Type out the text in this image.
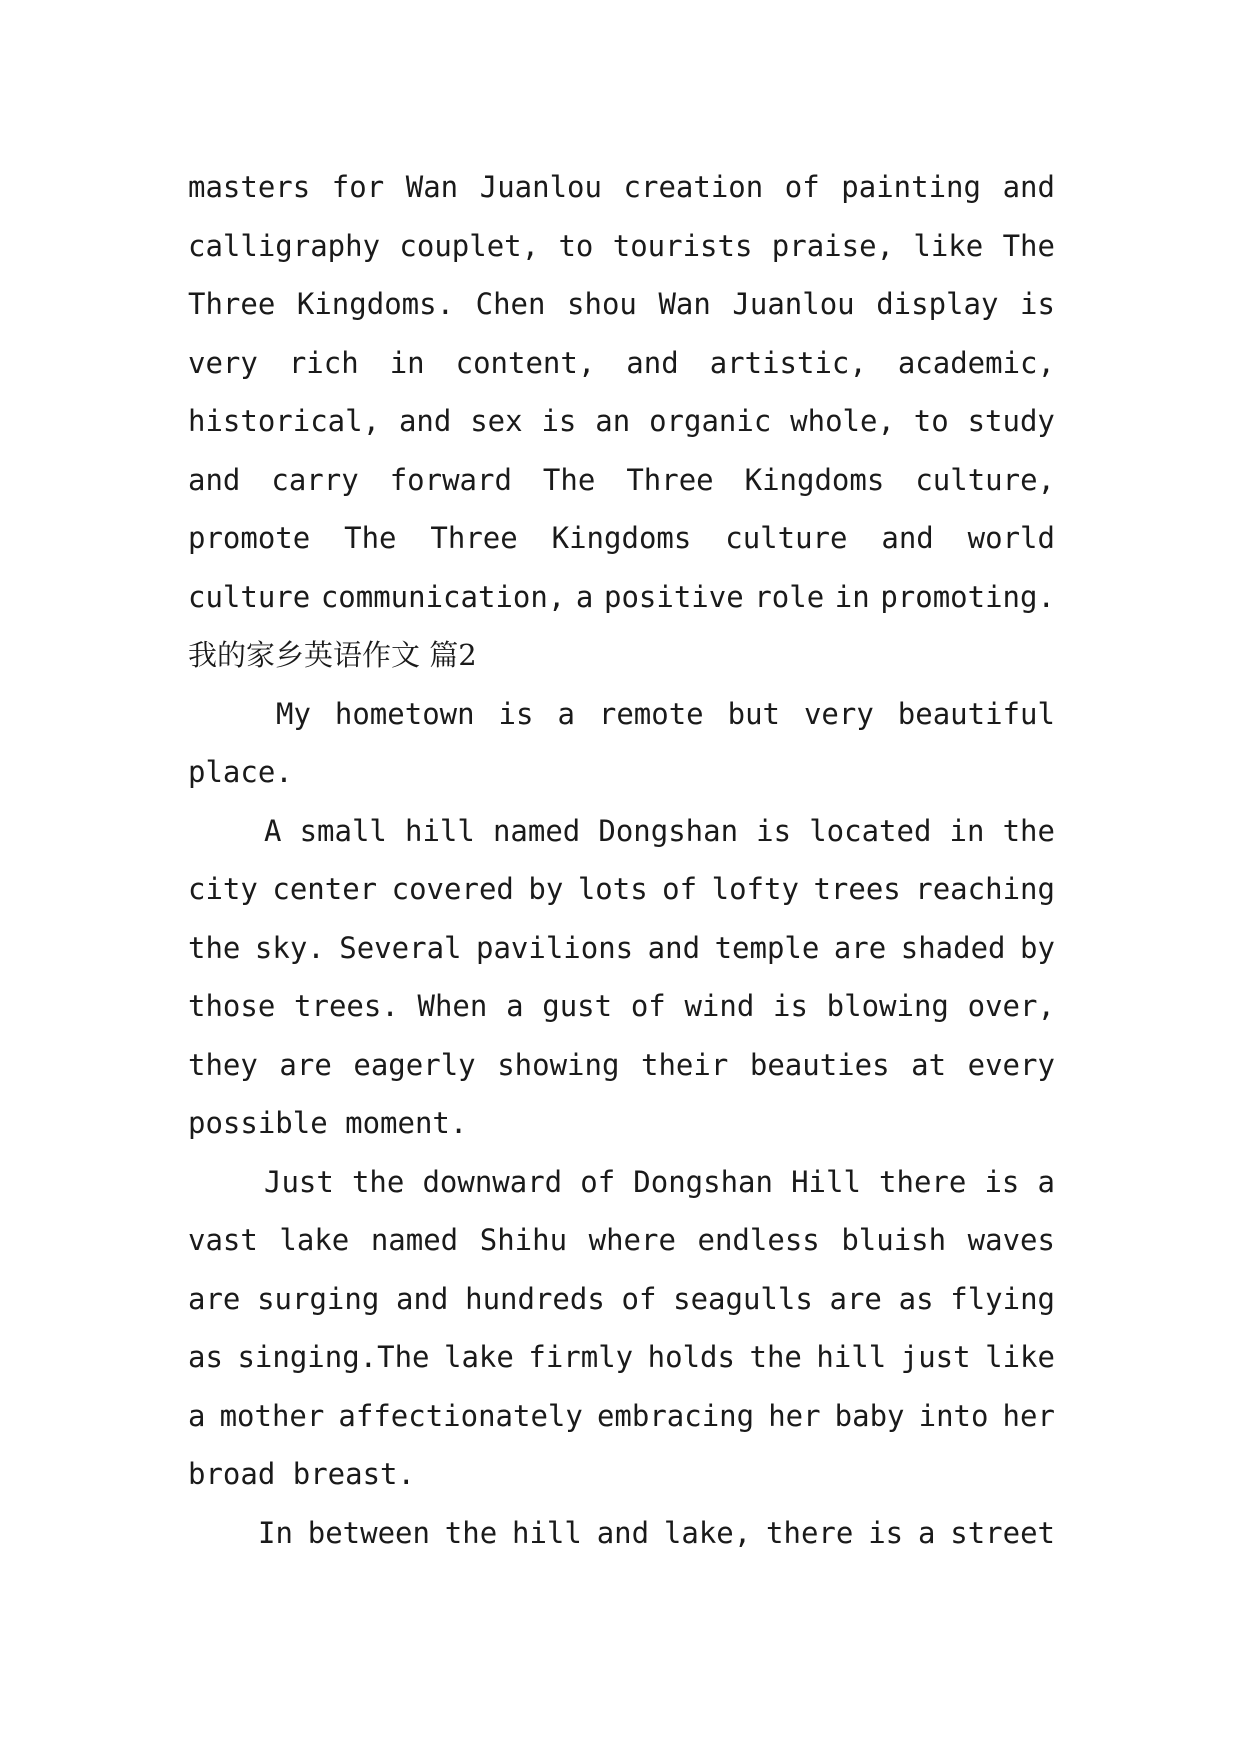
masters for Wan Juanlou creation of painting and
calligraphy couplet, to tourists praise, like The
Three Kingdoms. Chen shou Wan Juanlou display is
very rich in content, and artistic, academic,
historical, and sex is an organic whole, to study
and carry forward The Three Kingdoms culture,
promote The Three Kingdoms culture and world
culture communication, a positive role in promoting.
我的家乡英语作文 篇2
My hometown is a remote but very beautiful
place.
A small hill named Dongshan is located in the
city center covered by lots of lofty trees reaching
the sky. Several pavilions and temple are shaded by
those trees. When a gust of wind is blowing over,
they are eagerly showing their beauties at every
possible moment.
Just the downward of Dongshan Hill there is a
vast lake named Shihu where endless bluish waves
are surging and hundreds of seagulls are as flying
as singing.The lake firmly holds the hill just like
a mother affectionately embracing her baby into her
broad breast.
In between the hill and lake, there is a street
